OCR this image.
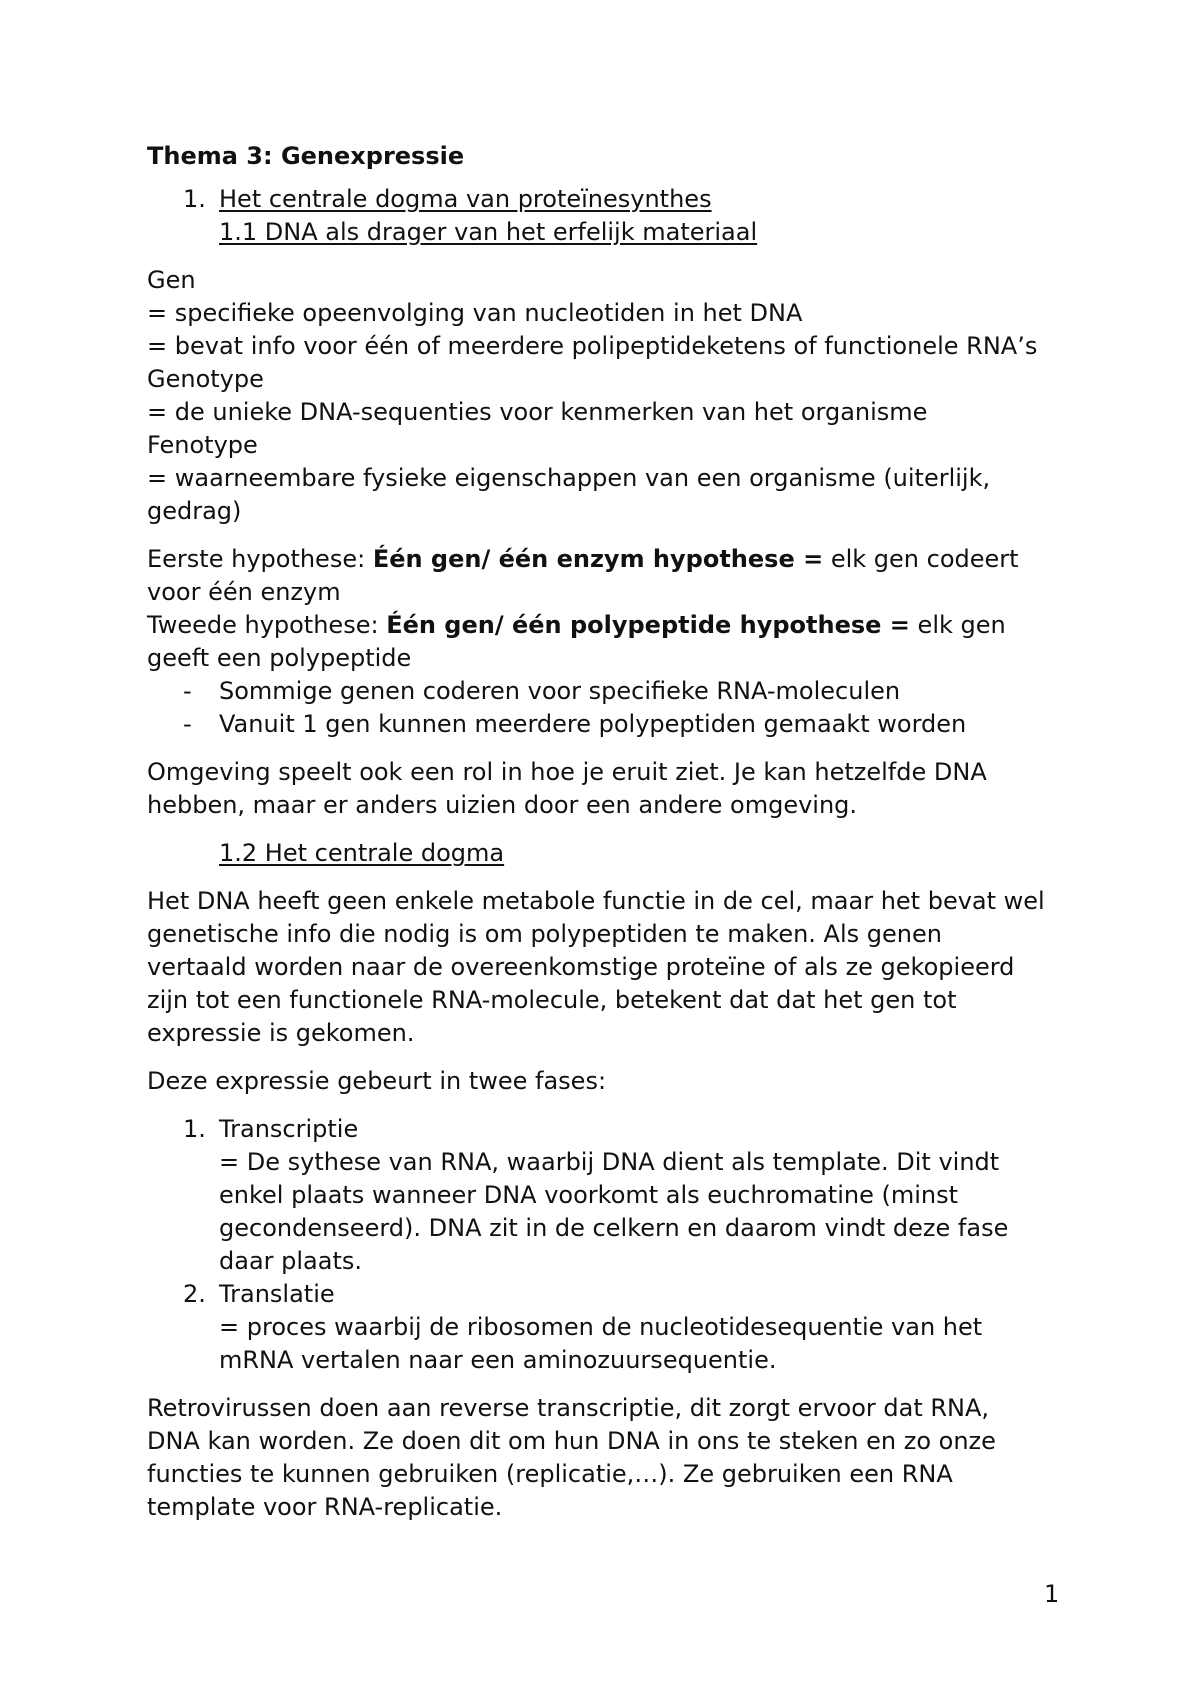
Thema 3: Genexpressie

1. Het centrale dogma van proteïnesynthes
1.1 DNA als drager van het erfelijk materiaal

Gen

= specifieke opeenvolging van nucleotiden in het DNA

= bevat info voor één of meerdere polipeptideketens of functionele RNA’s

Genotype

= de unieke DNA-sequenties voor kenmerken van het organisme

Fenotype

= waarneembare fysieke eigenschappen van een organisme (uiterlijk,

gedrag)

Eerste hypothese: Één gen/ één enzym hypothese = elk gen codeert

voor één enzym

Tweede hypothese: Één gen/ één polypeptide hypothese = elk gen

geeft een polypeptide

- Sommige genen coderen voor specifieke RNA-moleculen
- Vanuit 1 gen kunnen meerdere polypeptiden gemaakt worden

Omgeving speelt ook een rol in hoe je eruit ziet. Je kan hetzelfde DNA

hebben, maar er anders uizien door een andere omgeving.

1.2 Het centrale dogma

Het DNA heeft geen enkele metabole functie in de cel, maar het bevat wel

genetische info die nodig is om polypeptiden te maken. Als genen

vertaald worden naar de overeenkomstige proteïne of als ze gekopieerd

zijn tot een functionele RNA-molecule, betekent dat dat het gen tot

expressie is gekomen.

Deze expressie gebeurt in twee fases:

1. Transcriptie

= De sythese van RNA, waarbij DNA dient als template. Dit vindt

enkel plaats wanneer DNA voorkomt als euchromatine (minst

gecondenseerd). DNA zit in de celkern en daarom vindt deze fase

daar plaats.

2. Translatie

= proces waarbij de ribosomen de nucleotidesequentie van het

mRNA vertalen naar een aminozuursequentie.

Retrovirussen doen aan reverse transcriptie, dit zorgt ervoor dat RNA,

DNA kan worden. Ze doen dit om hun DNA in ons te steken en zo onze

functies te kunnen gebruiken (replicatie,…). Ze gebruiken een RNA

template voor RNA-replicatie.

1
